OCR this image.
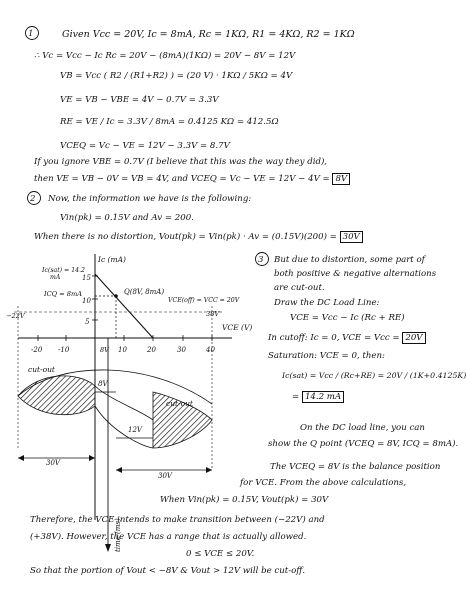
1	Given Vcc = 20V, Ic = 8mA, Rc = 1KΩ, R1 = 4KΩ, R2 = 1KΩ
∴ Vc = Vcc − Ic Rc = 20V − (8mA)(1KΩ) = 20V − 8V = 12V
VB = Vcc ( R2 / (R1+R2) ) = (20 V) · 1KΩ / 5KΩ = 4V
VE = VB − VBE = 4V − 0.7V = 3.3V
RE = VE / Ic = 3.3V / 8mA = 0.4125 KΩ = 412.5Ω
VCEQ = Vc − VE = 12V − 3.3V = 8.7V
If you ignore VBE = 0.7V (I believe that this was the way they did),
then VE = VB − 0V = VB = 4V, and VCEQ = Vc − VE = 12V − 4V = 8V
2 Now, the information we have is the following:
Vin(pk) = 0.15V and Av = 200.
When there is no distortion, Vout(pk) = Vin(pk) · Av = (0.15V)(200) = 30V
3 But due to distortion, some part of
both positive & negative alternations
are cut-out.
Draw the DC Load Line:
VCE = Vcc − Ic (Rc + RE)
In cutoff: Ic = 0, VCE = Vcc = 20V
Saturation: VCE = 0, then:
Ic(sat) = Vcc / (Rc+RE) = 20V / (1K+0.4125K)
= 14.2 mA
On the DC load line, you can
show the Q point (VCEQ = 8V, ICQ = 8mA).
The VCEQ = 8V is the balance position
for VCE. From the above calculations,
When Vin(pk) = 0.15V, Vout(pk) = 30V
Therefore, the VCE intends to make transition between (−22V) and
(+38V). However, the VCE has a range that is actually allowed.
0 ≤ VCE ≤ 20V.
So that the portion of Vout < −8V & Vout > 12V will be cut-off.
-20 -10	10	20	30	40
8V
15
10
5
Ic (mA)
VCE (V)
Ic(sat) = 14.2
mA
ICQ = 8mA	Q(8V, 8mA)
VCE(off) = VCC = 20V
−22V	38V
cut-out
cut-out
8V
12V
30V
30V
time (ms)
